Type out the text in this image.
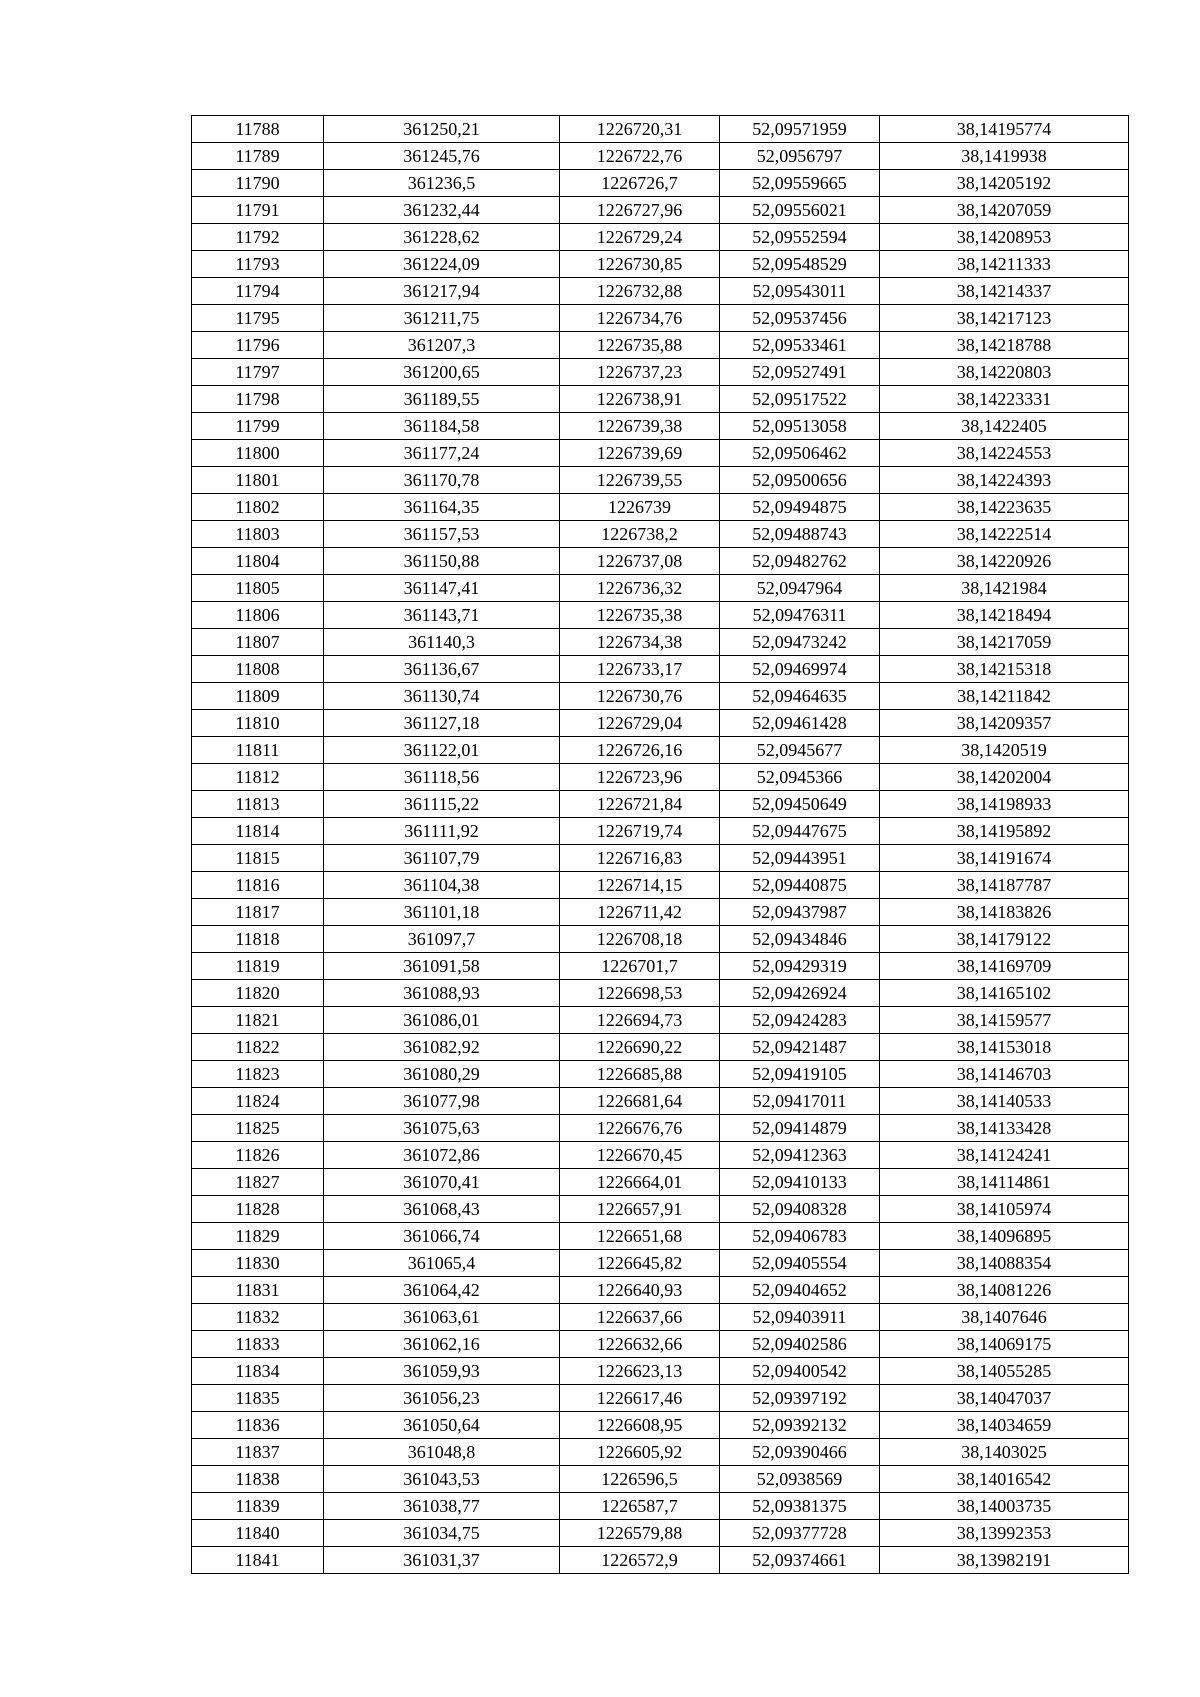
11788	361250,21	1226720,31	52,09571959	38,14195774
11789	361245,76	1226722,76	52,0956797	38,1419938
11790	361236,5	1226726,7	52,09559665	38,14205192
11791	361232,44	1226727,96	52,09556021	38,14207059
11792	361228,62	1226729,24	52,09552594	38,14208953
11793	361224,09	1226730,85	52,09548529	38,14211333
11794	361217,94	1226732,88	52,09543011	38,14214337
11795	361211,75	1226734,76	52,09537456	38,14217123
11796	361207,3	1226735,88	52,09533461	38,14218788
11797	361200,65	1226737,23	52,09527491	38,14220803
11798	361189,55	1226738,91	52,09517522	38,14223331
11799	361184,58	1226739,38	52,09513058	38,1422405
11800	361177,24	1226739,69	52,09506462	38,14224553
11801	361170,78	1226739,55	52,09500656	38,14224393
11802	361164,35	1226739	52,09494875	38,14223635
11803	361157,53	1226738,2	52,09488743	38,14222514
11804	361150,88	1226737,08	52,09482762	38,14220926
11805	361147,41	1226736,32	52,0947964	38,1421984
11806	361143,71	1226735,38	52,09476311	38,14218494
11807	361140,3	1226734,38	52,09473242	38,14217059
11808	361136,67	1226733,17	52,09469974	38,14215318
11809	361130,74	1226730,76	52,09464635	38,14211842
11810	361127,18	1226729,04	52,09461428	38,14209357
11811	361122,01	1226726,16	52,0945677	38,1420519
11812	361118,56	1226723,96	52,0945366	38,14202004
11813	361115,22	1226721,84	52,09450649	38,14198933
11814	361111,92	1226719,74	52,09447675	38,14195892
11815	361107,79	1226716,83	52,09443951	38,14191674
11816	361104,38	1226714,15	52,09440875	38,14187787
11817	361101,18	1226711,42	52,09437987	38,14183826
11818	361097,7	1226708,18	52,09434846	38,14179122
11819	361091,58	1226701,7	52,09429319	38,14169709
11820	361088,93	1226698,53	52,09426924	38,14165102
11821	361086,01	1226694,73	52,09424283	38,14159577
11822	361082,92	1226690,22	52,09421487	38,14153018
11823	361080,29	1226685,88	52,09419105	38,14146703
11824	361077,98	1226681,64	52,09417011	38,14140533
11825	361075,63	1226676,76	52,09414879	38,14133428
11826	361072,86	1226670,45	52,09412363	38,14124241
11827	361070,41	1226664,01	52,09410133	38,14114861
11828	361068,43	1226657,91	52,09408328	38,14105974
11829	361066,74	1226651,68	52,09406783	38,14096895
11830	361065,4	1226645,82	52,09405554	38,14088354
11831	361064,42	1226640,93	52,09404652	38,14081226
11832	361063,61	1226637,66	52,09403911	38,1407646
11833	361062,16	1226632,66	52,09402586	38,14069175
11834	361059,93	1226623,13	52,09400542	38,14055285
11835	361056,23	1226617,46	52,09397192	38,14047037
11836	361050,64	1226608,95	52,09392132	38,14034659
11837	361048,8	1226605,92	52,09390466	38,1403025
11838	361043,53	1226596,5	52,0938569	38,14016542
11839	361038,77	1226587,7	52,09381375	38,14003735
11840	361034,75	1226579,88	52,09377728	38,13992353
11841	361031,37	1226572,9	52,09374661	38,13982191
